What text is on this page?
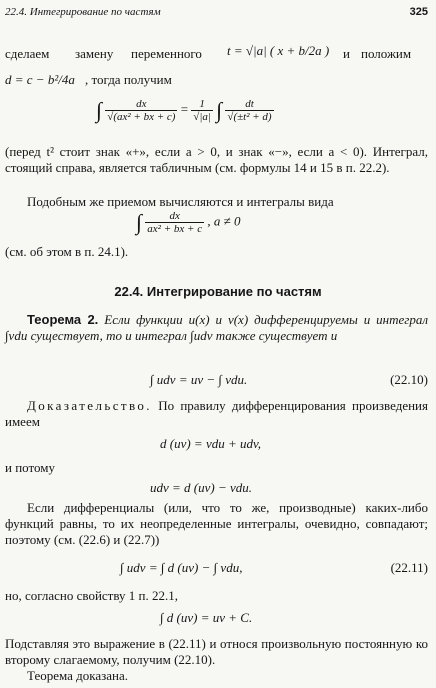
22.4. Интегрирование по частям	325
сделаем замену переменного t = √|a| ( x + b/2a ) и положим
d = c − b²/4a , тогда получим
∫ $\frac{dx}{\text{√(ax² + bx + c)}} = \frac{1}{√|a|}$ ∫ $\frac{dt}{\text{√(±t² + d)}}$
(перед t² стоит знак «+», если a > 0, и знак «−», если a < 0). Интеграл, стоящий справа, является табличным (см. формулы 14 и 15 в п. 22.2).
Подобным же приемом вычисляются и интегралы вида
∫ $\frac{dx}{\text{ax² + bx + c}}$ , a ≠ 0
(см. об этом в п. 24.1).
22.4. Интегрирование по частям
Теорема 2. Если функции u(x) и v(x) дифференцируемы и интеграл ∫vdu существует, то и интеграл ∫udv также существует и
∫ udv = uv − ∫ vdu.	(22.10)
Доказательство. По правилу дифференцирования произведения имеем
d (uv) = vdu + udv,
и потому
udv = d (uv) − vdu.
Если дифференциалы (или, что то же, производные) каких-либо функций равны, то их неопределенные интегралы, очевидно, совпадают; поэтому (см. (22.6) и (22.7))
∫ udv = ∫ d (uv) − ∫ vdu,	(22.11)
но, согласно свойству 1 п. 22.1,
∫ d (uv) = uv + C.
Подставляя это выражение в (22.11) и относя произвольную постоянную ко второму слагаемому, получим (22.10).
Теорема доказана.
